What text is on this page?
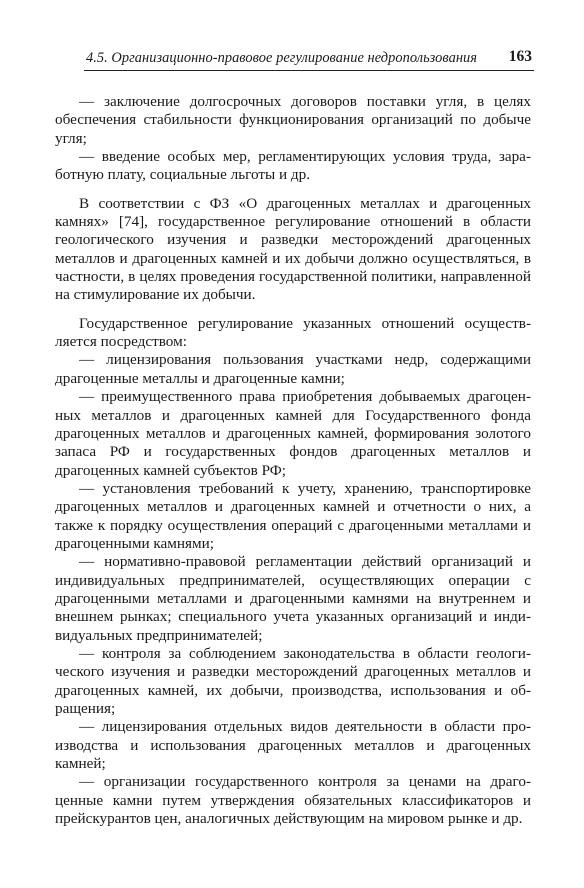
4.5. Организационно-правовое регулирование недропользования 163

— заключение долгосрочных договоров поставки угля, в целях обеспечения стабильности функционирования организаций по добыче угля;

— введение особых мер, регламентирующих условия труда, заработную плату, социальные льготы и др.

В соответствии с ФЗ «О драгоценных металлах и драгоценных камнях» [74], государственное регулирование отношений в области геологического изучения и разведки месторождений драгоценных металлов и драгоценных камней и их добычи должно осуществляться, в частности, в целях проведения государственной политики, направленной на стимулирование их добычи.

Государственное регулирование указанных отношений осуществляется посредством:

— лицензирования пользования участками недр, содержащими драгоценные металлы и драгоценные камни;

— преимущественного права приобретения добываемых драгоценных металлов и драгоценных камней для Государственного фонда драгоценных металлов и драгоценных камней, формирования золотого запаса РФ и государственных фондов драгоценных металлов и драгоценных камней субъектов РФ;

— установления требований к учету, хранению, транспортировке драгоценных металлов и драгоценных камней и отчетности о них, а также к порядку осуществления операций с драгоценными металлами и драгоценными камнями;

— нормативно-правовой регламентации действий организаций и индивидуальных предпринимателей, осуществляющих операции с драгоценными металлами и драгоценными камнями на внутреннем и внешнем рынках; специального учета указанных организаций и индивидуальных предпринимателей;

— контроля за соблюдением законодательства в области геологического изучения и разведки месторождений драгоценных металлов и драгоценных камней, их добычи, производства, использования и обращения;

— лицензирования отдельных видов деятельности в области производства и использования драгоценных металлов и драгоценных камней;

— организации государственного контроля за ценами на драгоценные камни путем утверждения обязательных классификаторов и прейскурантов цен, аналогичных действующим на мировом рынке и др.
